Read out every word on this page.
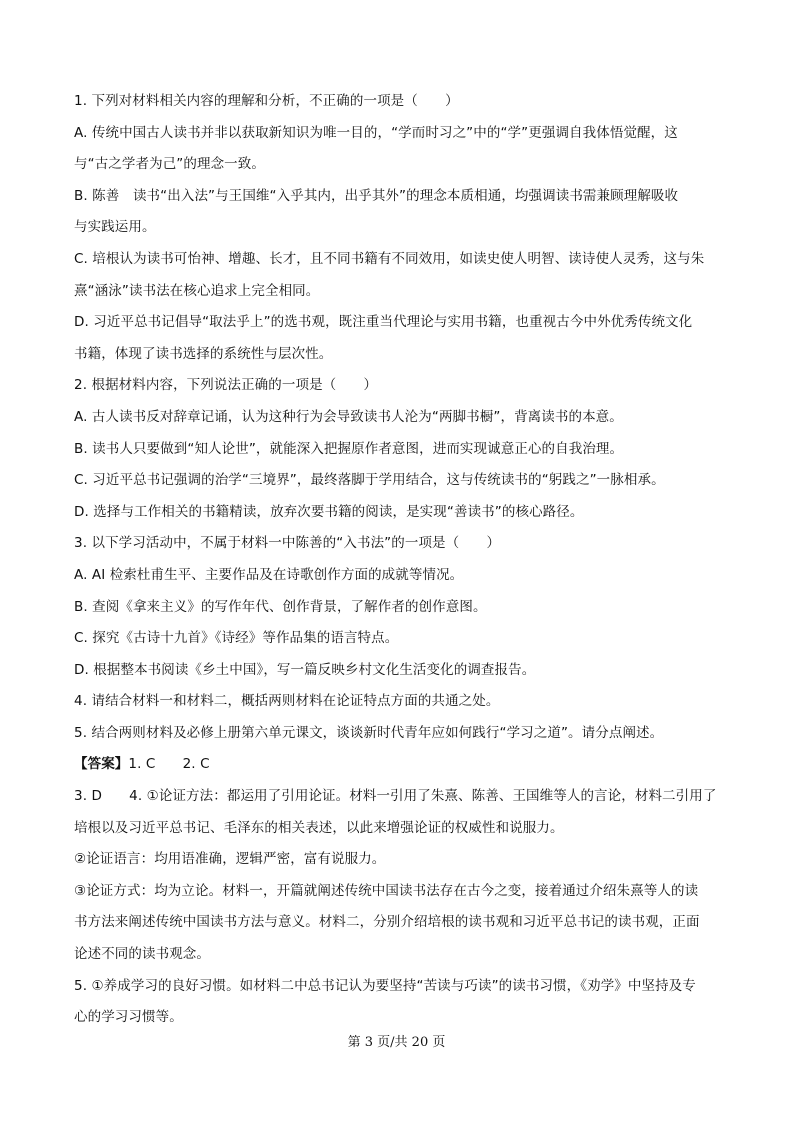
1. 下列对材料相关内容的理解和分析，不正确的一项是（　　）
A. 传统中国古人读书并非以获取新知识为唯一目的，“学而时习之”中的“学”更强调自我体悟觉醒，这
与“古之学者为己”的理念一致。
B. 陈善　读书“出入法”与王国维“入乎其内，出乎其外”的理念本质相通，均强调读书需兼顾理解吸收
与实践运用。
C. 培根认为读书可怡神、增趣、长才，且不同书籍有不同效用，如读史使人明智、读诗使人灵秀，这与朱
熹“涵泳”读书法在核心追求上完全相同。
D. 习近平总书记倡导“取法乎上”的选书观，既注重当代理论与实用书籍，也重视古今中外优秀传统文化
书籍，体现了读书选择的系统性与层次性。
2. 根据材料内容，下列说法正确的一项是（　　）
A. 古人读书反对辞章记诵，认为这种行为会导致读书人沦为“两脚书橱”，背离读书的本意。
B. 读书人只要做到“知人论世”，就能深入把握原作者意图，进而实现诚意正心的自我治理。
C. 习近平总书记强调的治学“三境界”，最终落脚于学用结合，这与传统读书的“躬践之”一脉相承。
D. 选择与工作相关的书籍精读，放弃次要书籍的阅读，是实现“善读书”的核心路径。
3. 以下学习活动中，不属于材料一中陈善的“入书法”的一项是（　　）
A. AI 检索杜甫生平、主要作品及在诗歌创作方面的成就等情况。
B. 查阅《拿来主义》的写作年代、创作背景，了解作者的创作意图。
C. 探究《古诗十九首》《诗经》等作品集的语言特点。
D. 根据整本书阅读《乡土中国》，写一篇反映乡村文化生活变化的调查报告。
4. 请结合材料一和材料二，概括两则材料在论证特点方面的共通之处。
5. 结合两则材料及必修上册第六单元课文，谈谈新时代青年应如何践行“学习之道”。请分点阐述。
【答案】1. C　　2. C
3. D　　4. ①论证方法：都运用了引用论证。材料一引用了朱熹、陈善、王国维等人的言论，材料二引用了
培根以及习近平总书记、毛泽东的相关表述，以此来增强论证的权威性和说服力。
②论证语言：均用语准确，逻辑严密，富有说服力。
③论证方式：均为立论。材料一，开篇就阐述传统中国读书法存在古今之变，接着通过介绍朱熹等人的读
书方法来阐述传统中国读书方法与意义。材料二，分别介绍培根的读书观和习近平总书记的读书观，正面
论述不同的读书观念。
5. ①养成学习的良好习惯。如材料二中总书记认为要坚持“苦读与巧读”的读书习惯，《劝学》中坚持及专
心的学习习惯等。
第 3 页/共 20 页
